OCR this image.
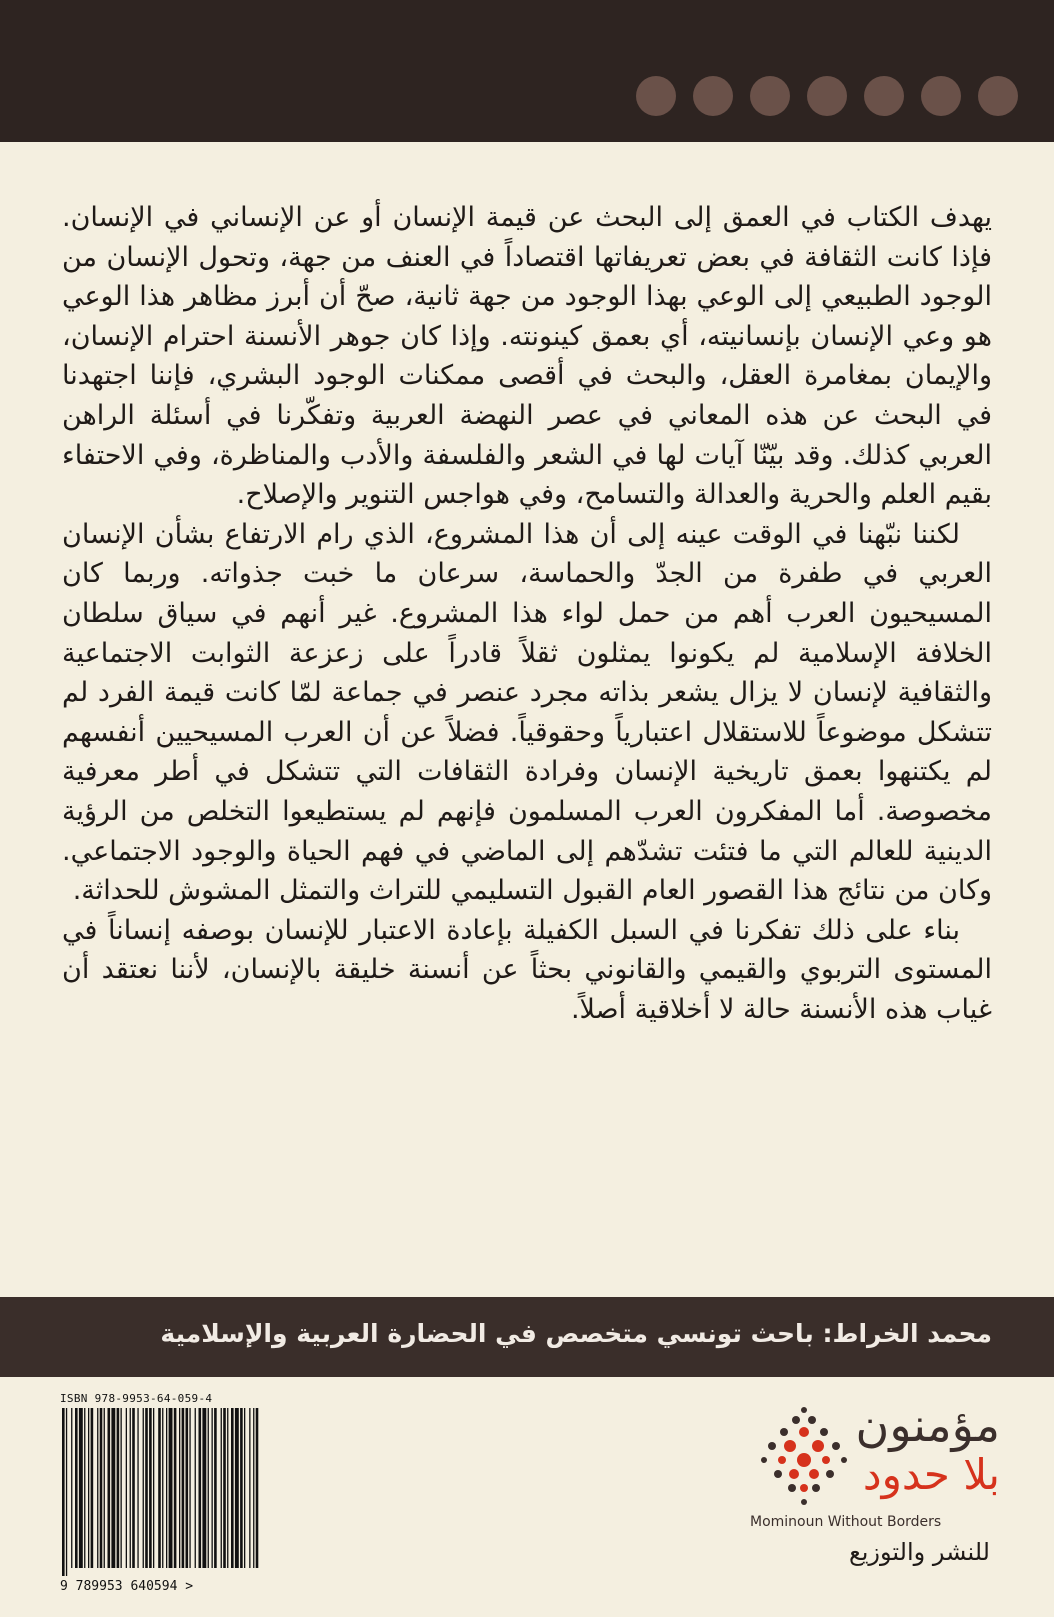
يهدف الكتاب في العمق إلى البحث عن قيمة الإنسان أو عن الإنساني في الإنسان. فإذا كانت الثقافة في بعض تعريفاتها اقتصاداً في العنف من جهة، وتحول الإنسان من الوجود الطبيعي إلى الوعي بهذا الوجود من جهة ثانية، صحّ أن أبرز مظاهر هذا الوعي هو وعي الإنسان بإنسانيته، أي بعمق كينونته. وإذا كان جوهر الأنسنة احترام الإنسان، والإيمان بمغامرة العقل، والبحث في أقصى ممكنات الوجود البشري، فإننا اجتهدنا في البحث عن هذه المعاني في عصر النهضة العربية وتفكّرنا في أسئلة الراهن العربي كذلك. وقد بيّنّا آيات لها في الشعر والفلسفة والأدب والمناظرة، وفي الاحتفاء بقيم العلم والحرية والعدالة والتسامح، وفي هواجس التنوير والإصلاح.

لكننا نبّهنا في الوقت عينه إلى أن هذا المشروع، الذي رام الارتفاع بشأن الإنسان العربي في طفرة من الجدّ والحماسة، سرعان ما خبت جذواته. وربما كان المسيحيون العرب أهم من حمل لواء هذا المشروع. غير أنهم في سياق سلطان الخلافة الإسلامية لم يكونوا يمثلون ثقلاً قادراً على زعزعة الثوابت الاجتماعية والثقافية لإنسان لا يزال يشعر بذاته مجرد عنصر في جماعة لمّا كانت قيمة الفرد لم تتشكل موضوعاً للاستقلال اعتبارياً وحقوقياً. فضلاً عن أن العرب المسيحيين أنفسهم لم يكتنهوا بعمق تاريخية الإنسان وفرادة الثقافات التي تتشكل في أطر معرفية مخصوصة. أما المفكرون العرب المسلمون فإنهم لم يستطيعوا التخلص من الرؤية الدينية للعالم التي ما فتئت تشدّهم إلى الماضي في فهم الحياة والوجود الاجتماعي. وكان من نتائج هذا القصور العام القبول التسليمي للتراث والتمثل المشوش للحداثة.

بناء على ذلك تفكرنا في السبل الكفيلة بإعادة الاعتبار للإنسان بوصفه إنساناً في المستوى التربوي والقيمي والقانوني بحثاً عن أنسنة خليقة بالإنسان، لأننا نعتقد أن غياب هذه الأنسنة حالة لا أخلاقية أصلاً.

محمد الخراط: باحث تونسي متخصص في الحضارة العربية والإسلامية
ISBN 978-9953-64-059-4
9 789953 640594 >
مؤمنون
بلا حدود
Mominoun Without Borders
للنشر والتوزيع
